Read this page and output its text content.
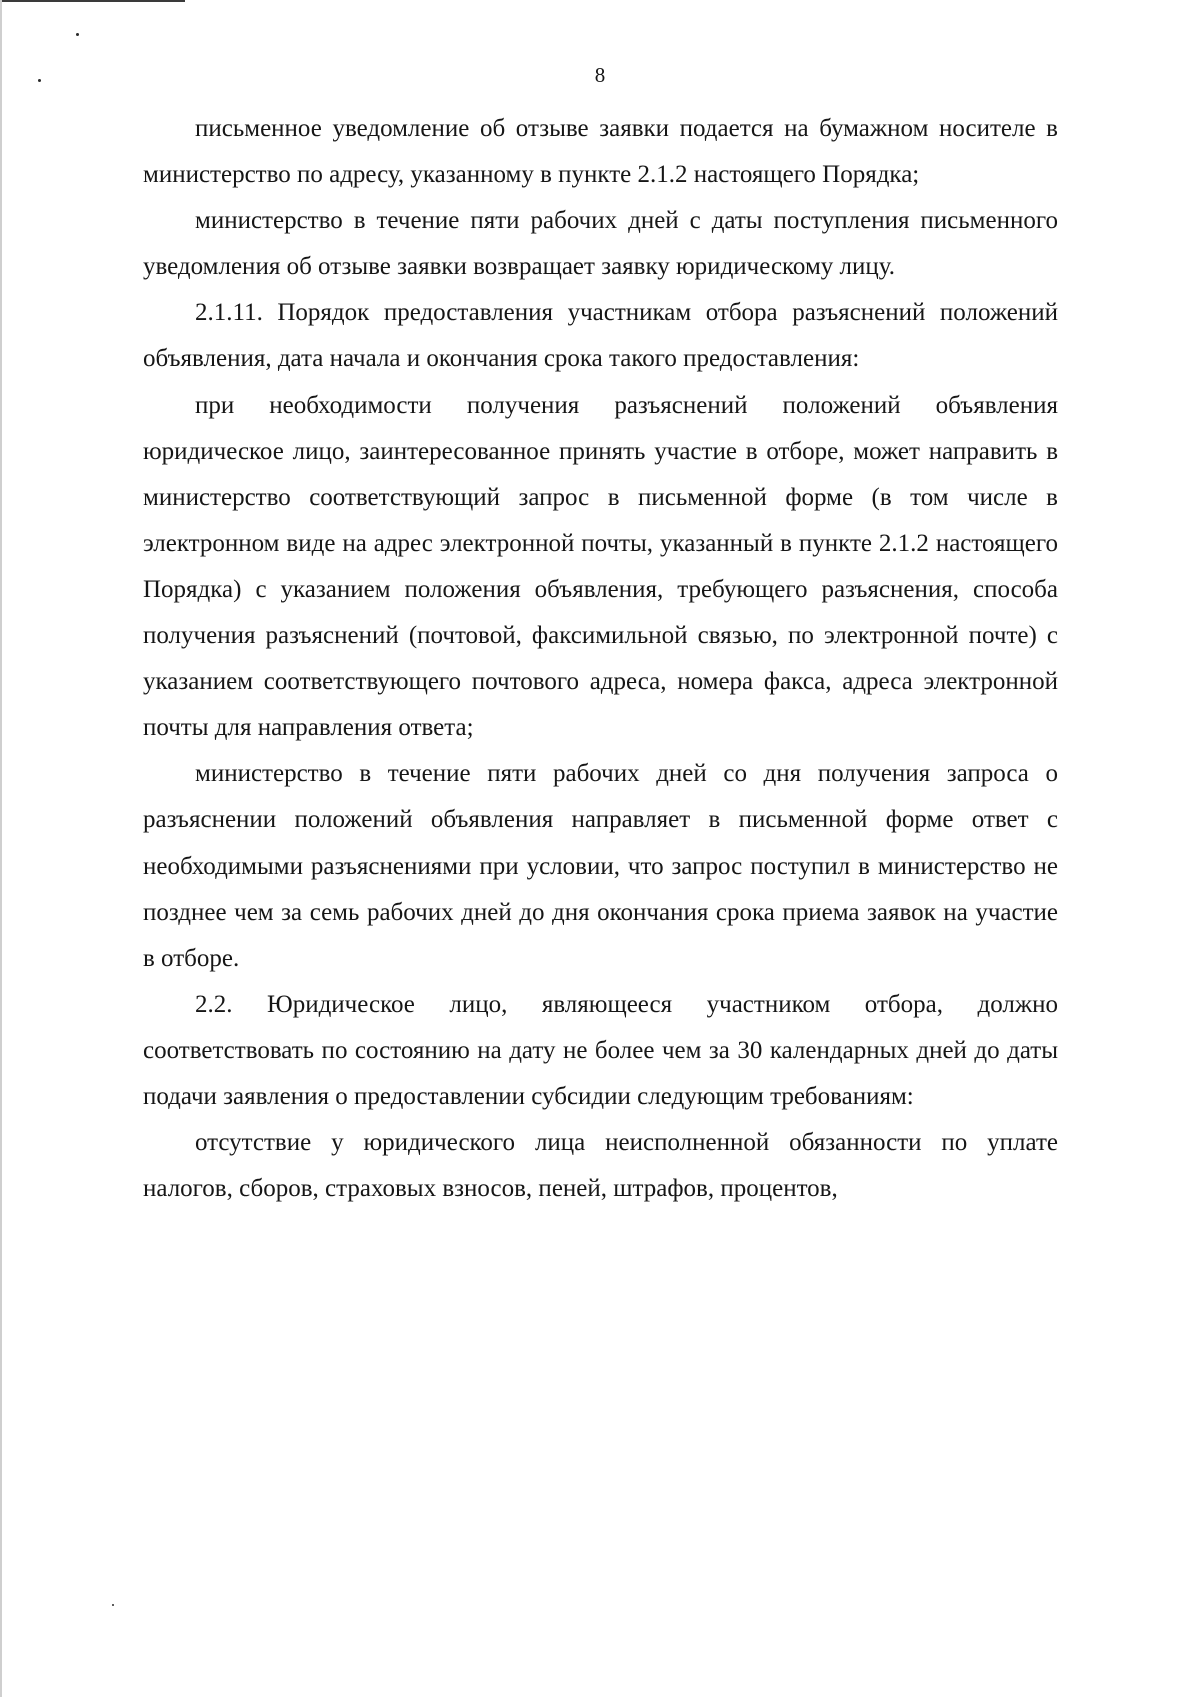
8

письменное уведомление об отзыве заявки подается на бумажном носителе в министерство по адресу, указанному в пункте 2.1.2 настоящего Порядка;

министерство в течение пяти рабочих дней с даты поступления письменного уведомления об отзыве заявки возвращает заявку юридическому лицу.

2.1.11. Порядок предоставления участникам отбора разъяснений положений объявления, дата начала и окончания срока такого предоставления:

при необходимости получения разъяснений положений объявления юридическое лицо, заинтересованное принять участие в отборе, может направить в министерство соответствующий запрос в письменной форме (в том числе в электронном виде на адрес электронной почты, указанный в пункте 2.1.2 настоящего Порядка) с указанием положения объявления, требующего разъяснения, способа получения разъяснений (почтовой, факсимильной связью, по электронной почте) с указанием соответствующего почтового адреса, номера факса, адреса электронной почты для направления ответа;

министерство в течение пяти рабочих дней со дня получения запроса о разъяснении положений объявления направляет в письменной форме ответ с необходимыми разъяснениями при условии, что запрос поступил в министерство не позднее чем за семь рабочих дней до дня окончания срока приема заявок на участие в отборе.

2.2. Юридическое лицо, являющееся участником отбора, должно соответствовать по состоянию на дату не более чем за 30 календарных дней до даты подачи заявления о предоставлении субсидии следующим требованиям:

отсутствие у юридического лица неисполненной обязанности по уплате налогов, сборов, страховых взносов, пеней, штрафов, процентов,
